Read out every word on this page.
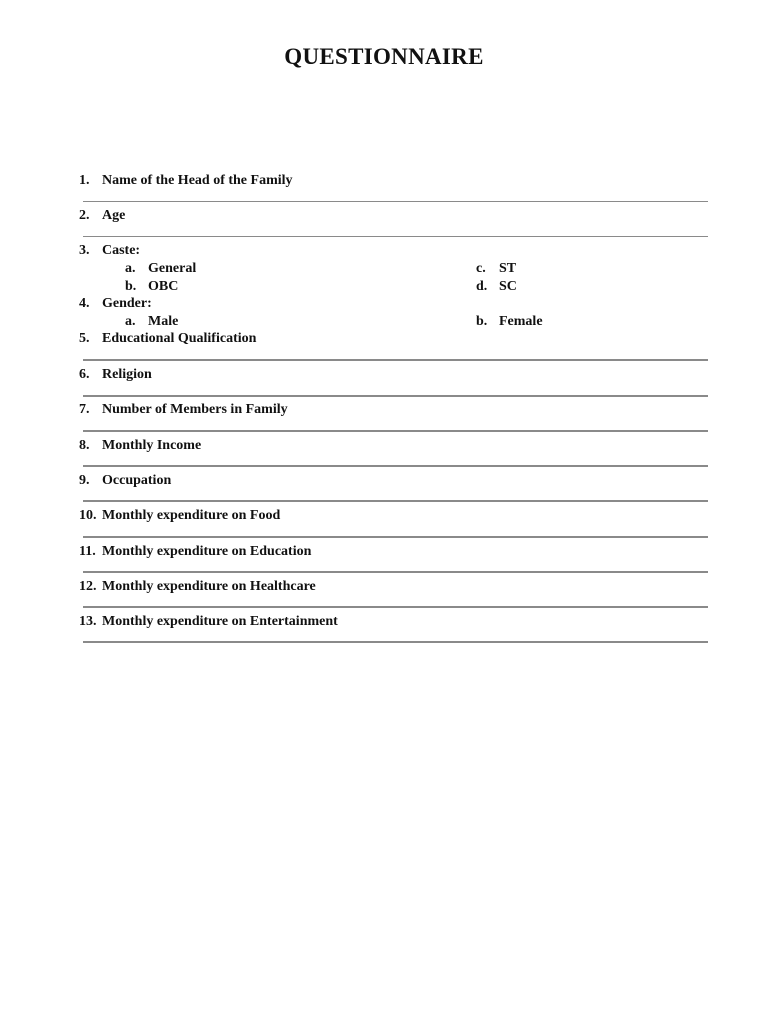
QUESTIONNAIRE
1. Name of the Head of the Family
2. Age
3. Caste:
a. General
b. OBC
c. ST
d. SC
4. Gender:
a. Male	b. Female
5. Educational Qualification
6. Religion
7. Number of Members in Family
8. Monthly Income
9. Occupation
10. Monthly expenditure on Food
11. Monthly expenditure on Education
12. Monthly expenditure on Healthcare
13. Monthly expenditure on Entertainment
